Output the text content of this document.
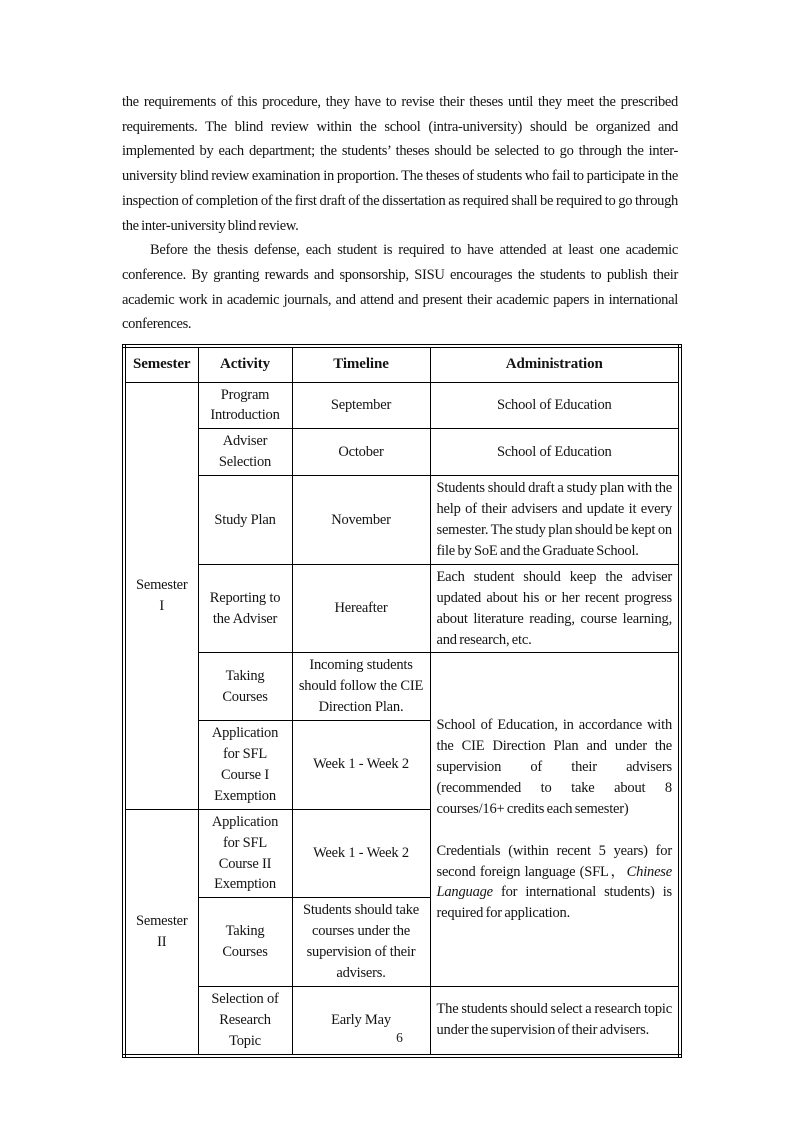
the requirements of this procedure, they have to revise their theses until they meet the prescribed requirements. The blind review within the school (intra-university) should be organized and implemented by each department; the students’ theses should be selected to go through the inter-university blind review examination in proportion. The theses of students who fail to participate in the inspection of completion of the first draft of the dissertation as required shall be required to go through the inter-university blind review.

Before the thesis defense, each student is required to have attended at least one academic conference. By granting rewards and sponsorship, SISU encourages the students to publish their academic work in academic journals, and attend and present their academic papers in international conferences.

Semester	Activity	Timeline	Administration
Semester I	Program Introduction	September	School of Education
	Adviser Selection	October	School of Education
	Study Plan	November	Students should draft a study plan with the help of their advisers and update it every semester. The study plan should be kept on file by SoE and the Graduate School.
	Reporting to the Adviser	Hereafter	Each student should keep the adviser updated about his or her recent progress about literature reading, course learning, and research, etc.
	Taking Courses	Incoming students should follow the CIE Direction Plan.	School of Education, in accordance with the CIE Direction Plan and under the supervision of their advisers (recommended to take about 8 courses/16+ credits each semester)

Credentials (within recent 5 years) for second foreign language (SFL，Chinese Language for international students) is required for application.

	Application for SFL Course I Exemption	Week 1 - Week 2	
Semester II	Application for SFL Course II Exemption	Week 1 - Week 2	
	Taking Courses	Students should take courses under the supervision of their advisers.	
	Selection of Research Topic	Early May	The students should select a research topic under the supervision of their advisers.
6
